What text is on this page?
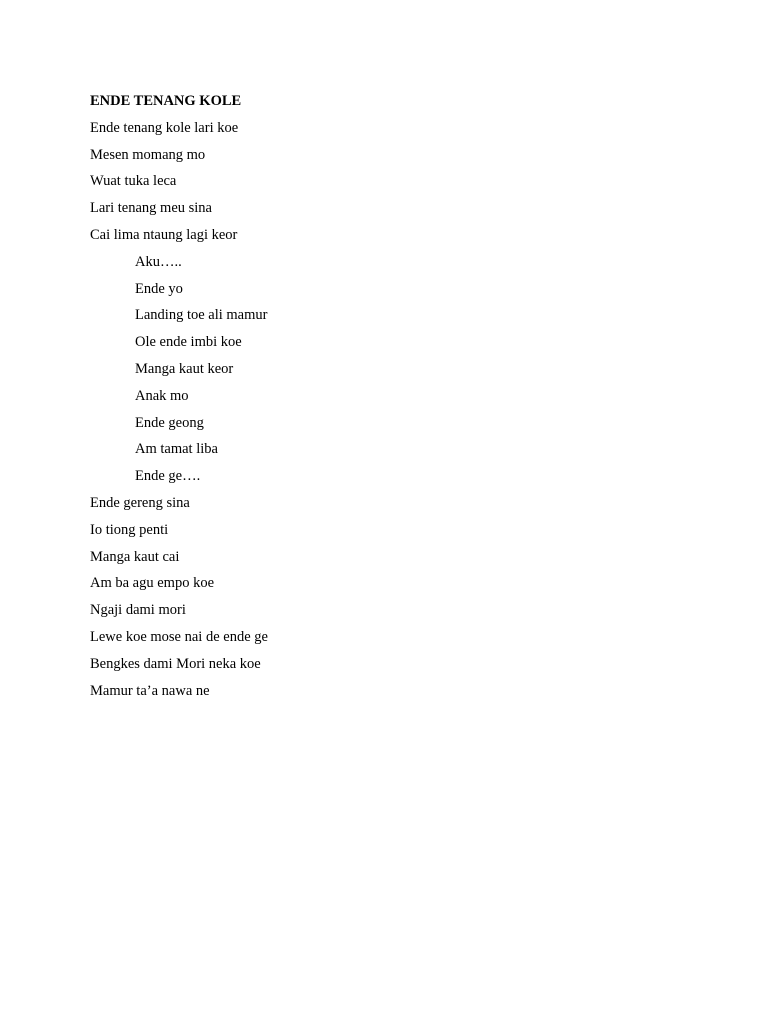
ENDE TENANG KOLE
Ende tenang kole lari koe
Mesen momang mo
Wuat tuka leca
Lari tenang meu sina
Cai lima ntaung lagi keor
Aku…..
Ende yo
Landing toe ali mamur
Ole ende imbi koe
Manga kaut keor
Anak mo
Ende geong
Am tamat liba
Ende ge….
Ende gereng sina
Io tiong penti
Manga kaut cai
Am ba agu empo koe
Ngaji dami mori
Lewe koe mose nai de ende ge
Bengkes dami Mori neka koe
Mamur ta’a nawa ne
